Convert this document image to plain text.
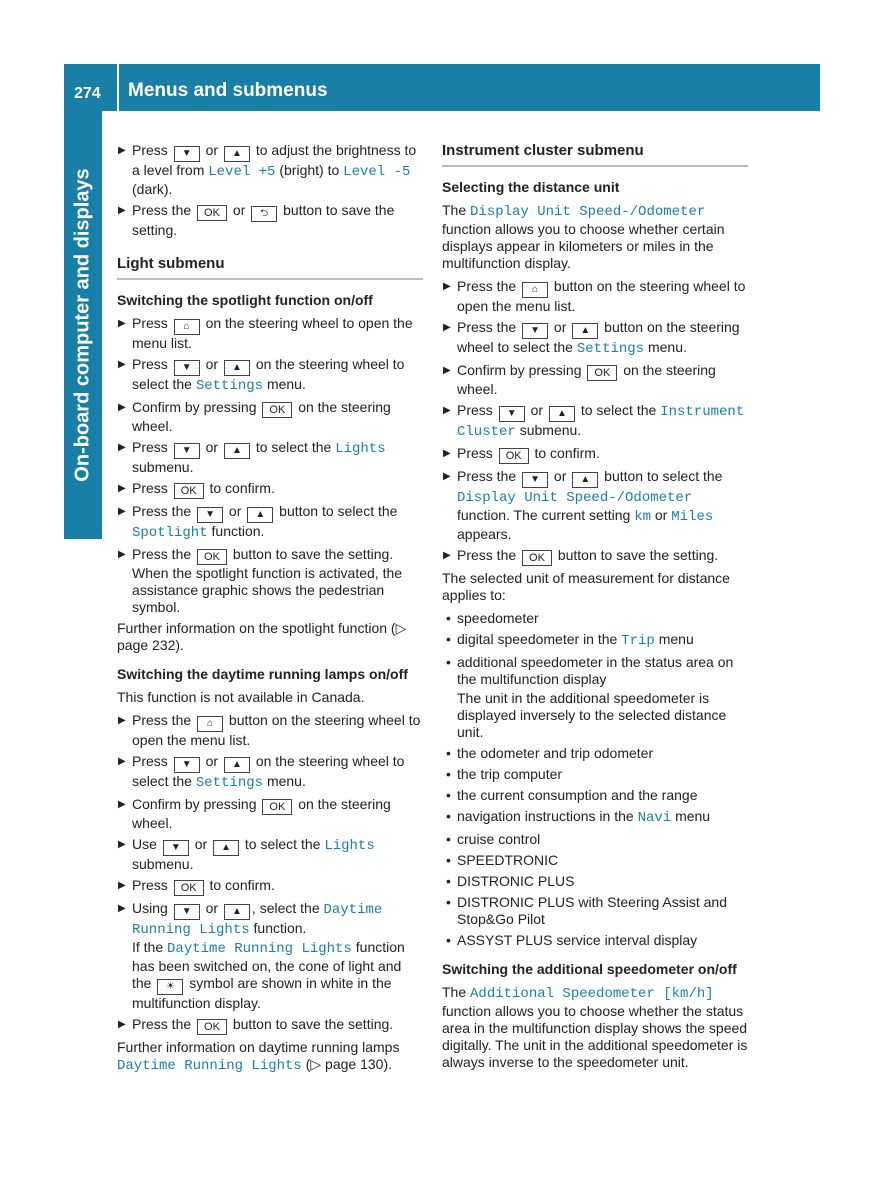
274 Menus and submenus
On-board computer and displays
▶ Press ▼ or ▲ to adjust the brightness to a level from Level +5 (bright) to Level -5 (dark).
▶ Press the OK or ⮌ button to save the setting.
Light submenu
Switching the spotlight function on/off
▶ Press ⌂ on the steering wheel to open the menu list.
▶ Press ▼ or ▲ on the steering wheel to select the Settings menu.
▶ Confirm by pressing OK on the steering wheel.
▶ Press ▼ or ▲ to select the Lights submenu.
▶ Press OK to confirm.
▶ Press the ▼ or ▲ button to select the Spotlight function.
▶ Press the OK button to save the setting. When the spotlight function is activated, the assistance graphic shows the pedestrian symbol.
Further information on the spotlight function (▷ page 232).
Switching the daytime running lamps on/off
This function is not available in Canada.
▶ Press the ⌂ button on the steering wheel to open the menu list.
▶ Press ▼ or ▲ on the steering wheel to select the Settings menu.
▶ Confirm by pressing OK on the steering wheel.
▶ Use ▼ or ▲ to select the Lights submenu.
▶ Press OK to confirm.
▶ Using ▼ or ▲ , select the Daytime Running Lights function.
If the Daytime Running Lights function has been switched on, the cone of light and the ☀ symbol are shown in white in the multifunction display.
▶ Press the OK button to save the setting.
Further information on daytime running lamps Daytime Running Lights (▷ page 130).
Instrument cluster submenu
Selecting the distance unit
The Display Unit Speed-/Odometer function allows you to choose whether certain displays appear in kilometers or miles in the multifunction display.
▶ Press the ⌂ button on the steering wheel to open the menu list.
▶ Press the ▼ or ▲ button on the steering wheel to select the Settings menu.
▶ Confirm by pressing OK on the steering wheel.
▶ Press ▼ or ▲ to select the Instrument Cluster submenu.
▶ Press OK to confirm.
▶ Press the ▼ or ▲ button to select the Display Unit Speed-/Odometer function. The current setting km or Miles appears.
▶ Press the OK button to save the setting.
The selected unit of measurement for distance applies to:
• speedometer
• digital speedometer in the Trip menu
• additional speedometer in the status area on the multifunction display
The unit in the additional speedometer is displayed inversely to the selected distance unit.
• the odometer and trip odometer
• the trip computer
• the current consumption and the range
• navigation instructions in the Navi menu
• cruise control
• SPEEDTRONIC
• DISTRONIC PLUS
• DISTRONIC PLUS with Steering Assist and Stop&Go Pilot
• ASSYST PLUS service interval display
Switching the additional speedometer on/off
The Additional Speedometer [km/h] function allows you to choose whether the status area in the multifunction display shows the speed digitally. The unit in the additional speedometer is always inverse to the speedometer unit.
